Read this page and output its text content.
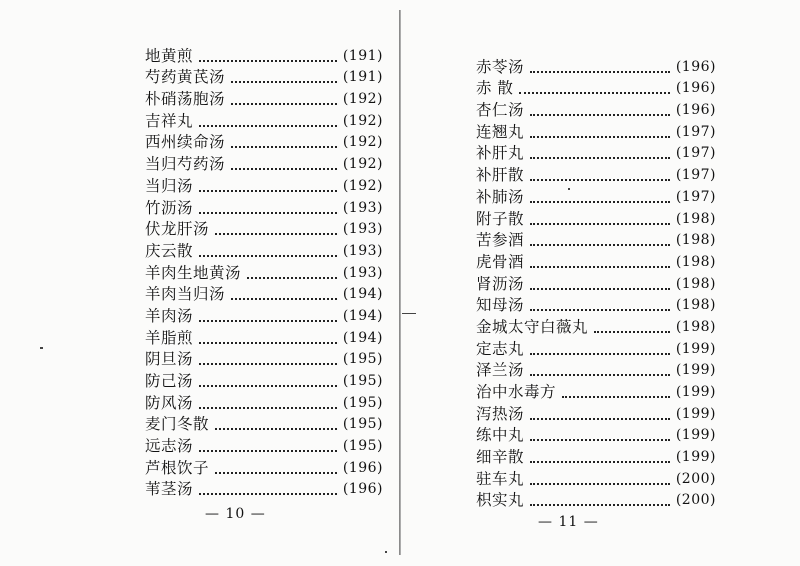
地黄煎	(191)
芍药黄芪汤	(191)
朴硝荡胞汤	(192)
吉祥丸	(192)
西州续命汤	(192)
当归芍药汤	(192)
当归汤	(192)
竹沥汤	(193)
伏龙肝汤	(193)
庆云散	(193)
羊肉生地黄汤	(193)
羊肉当归汤	(194)
羊肉汤	(194)
羊脂煎	(194)
阴旦汤	(195)
防己汤	(195)
防风汤	(195)
麦门冬散	(195)
远志汤	(195)
芦根饮子	(196)
苇茎汤	(196)
— 10 —
赤苓汤	(196)
赤 散	(196)
杏仁汤	(196)
连翘丸	(197)
补肝丸	(197)
补肝散	(197)
补肺汤	(197)
附子散	(198)
苦参酒	(198)
虎骨酒	(198)
肾沥汤	(198)
知母汤	(198)
金城太守白薇丸	(198)
定志丸	(199)
泽兰汤	(199)
治中水毒方	(199)
泻热汤	(199)
练中丸	(199)
细辛散	(199)
驻车丸	(200)
枳实丸	(200)
— 11 —
